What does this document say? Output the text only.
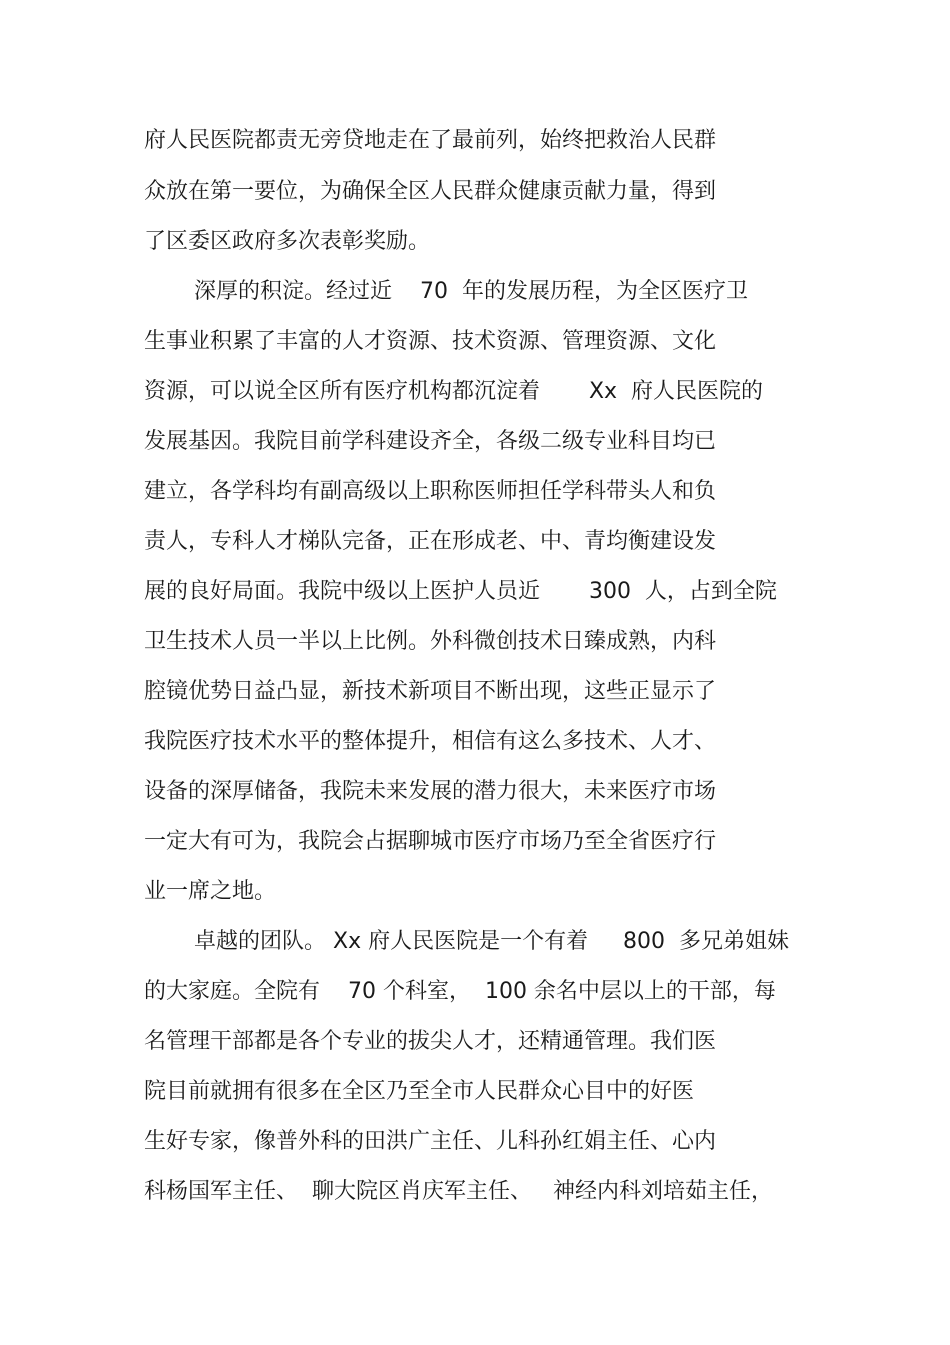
府人民医院都责无旁贷地走在了最前列，始终把救治人民群
众放在第一要位，为确保全区人民群众健康贡献力量，得到
了区委区政府多次表彰奖励。
深厚的积淀。经过近    70  年的发展历程，为全区医疗卫
生事业积累了丰富的人才资源、技术资源、管理资源、文化
资源，可以说全区所有医疗机构都沉淀着       Xx  府人民医院的
发展基因。我院目前学科建设齐全，各级二级专业科目均已
建立，各学科均有副高级以上职称医师担任学科带头人和负
责人，专科人才梯队完备，正在形成老、中、青均衡建设发
展的良好局面。我院中级以上医护人员近       300  人，占到全院
卫生技术人员一半以上比例。外科微创技术日臻成熟，内科
腔镜优势日益凸显，新技术新项目不断出现，这些正显示了
我院医疗技术水平的整体提升，相信有这么多技术、人才、
设备的深厚储备，我院未来发展的潜力很大，未来医疗市场
一定大有可为，我院会占据聊城市医疗市场乃至全省医疗行
业一席之地。
卓越的团队。 Xx 府人民医院是一个有着     800  多兄弟姐妹
的大家庭。全院有    70 个科室，  100 余名中层以上的干部，每
名管理干部都是各个专业的拔尖人才，还精通管理。我们医
院目前就拥有很多在全区乃至全市人民群众心目中的好医
生好专家，像普外科的田洪广主任、儿科孙红娟主任、心内
科杨国军主任、  聊大院区肖庆军主任、   神经内科刘培茹主任，
